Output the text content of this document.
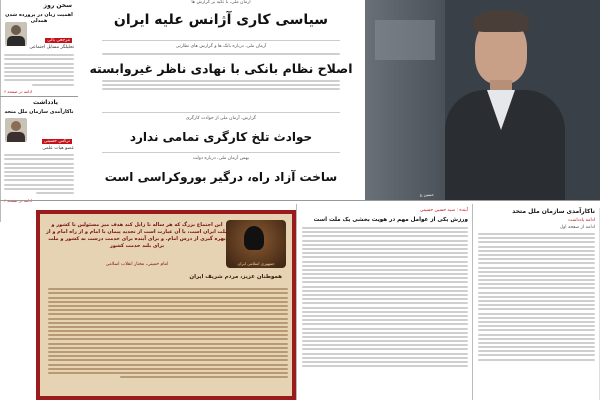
سخن روز
اهمیت زبان در پرورده شدن همدلی
مرجعی بالی
تحلیلگر مسایل اجتماعی
ادامه در صفحه ۶
یادداشت
ناکارآمدی سازمان ملل متحد
نرگس حسینی
عضو هیات علمی
آرمان ملی، با تکیه بر گزارش ها
سیاسی کاری آژانس علیه ایران
آرمان ملی، درباره بانک ها و گزارش های نظارتی
اصلاح نظام بانکی با نهادی ناظر غیروابسته
گزارش، آرمان ملی از حوادث کارگری
حوادث تلخ کارگری تمامی ندارد
بهمن آرمان ملی، درباره دولت
ساخت آزاد راه، درگیر بوروکراسی است
حسین غ
جمهوری اسلامی ایران
این اجتماع بزرگ که هر ساله تا زایل کند هدف میز مسئولین تا کشور و ملت ایران است، با آن عبارت است از تجدید پیمان با امام و از راه امام و از بهره گیری از درس امام. و برای آینده برای خدمت درست به کشور و ملت برای بلند خدمت کشور
امام خمینی، مختار انقلاب اسلامی
هموطنان عزیز، مردم شریف ایران
آینده : سید حسین حسینی
ورزش یکی از عوامل مهم در هویت بخشی یک ملت است
ناکارآمدی سازمان ملل متحد
ادامه یادداشت
ادامه از صفحه اول
